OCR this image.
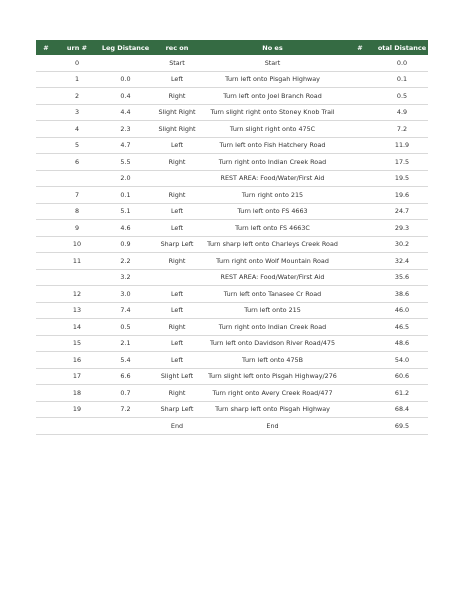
#	urn #	Leg Distance	rec on	No es	#	otal Distance
	0		Start	Start		0.0
	1	0.0	Left	Turn left onto Pisgah Highway		0.1
	2	0.4	Right	Turn left onto Joel Branch Road		0.5
	3	4.4	Slight Right	Turn slight right onto Stoney Knob Trail		4.9
	4	2.3	Slight Right	Turn slight right onto 475C		7.2
	5	4.7	Left	Turn left onto Fish Hatchery Road		11.9
	6	5.5	Right	Turn right onto Indian Creek Road		17.5
		2.0		REST AREA: Food/Water/First Aid		19.5
	7	0.1	Right	Turn right onto 215		19.6
	8	5.1	Left	Turn left onto FS 4663		24.7
	9	4.6	Left	Turn left onto FS 4663C		29.3
	10	0.9	Sharp Left	Turn sharp left onto Charleys Creek Road		30.2
	11	2.2	Right	Turn right onto Wolf Mountain Road		32.4
		3.2		REST AREA: Food/Water/First Aid		35.6
	12	3.0	Left	Turn left onto Tanasee Cr Road		38.6
	13	7.4	Left	Turn left onto 215		46.0
	14	0.5	Right	Turn right onto Indian Creek Road		46.5
	15	2.1	Left	Turn left onto Davidson River Road/475		48.6
	16	5.4	Left	Turn left onto 475B		54.0
	17	6.6	Slight Left	Turn slight left onto Pisgah Highway/276		60.6
	18	0.7	Right	Turn right onto Avery Creek Road/477		61.2
	19	7.2	Sharp Left	Turn sharp left onto Pisgah Highway		68.4
			End	End		69.5
